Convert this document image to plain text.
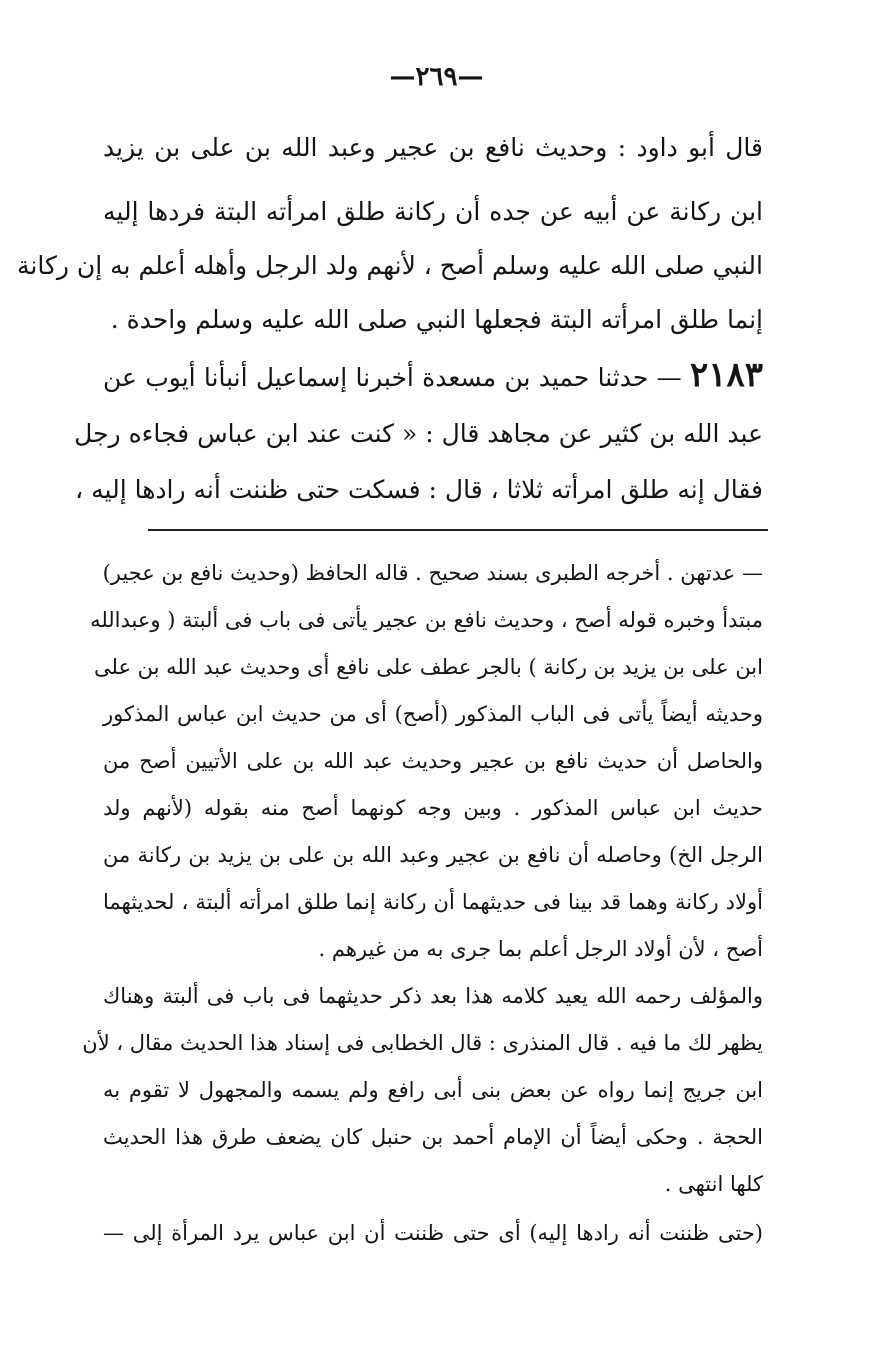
—٢٦٩—
قال أبو داود : وحديث نافع بن عجير وعبد الله بن على بن يزيد
ابن ركانة عن أبيه عن جده أن ركانة طلق امرأته البتة فردها إليه
النبي صلى الله عليه وسلم أصح ، لأنهم ولد الرجل وأهله أعلم به إن ركانة
إنما طلق امرأته البتة فجعلها النبي صلى الله عليه وسلم واحدة .
٢١٨٣ — حدثنا حميد بن مسعدة أخبرنا إسماعيل أنبأنا أيوب عن
عبد الله بن كثير عن مجاهد قال : « كنت عند ابن عباس فجاءه رجل
فقال إنه طلق امرأته ثلاثا ، قال : فسكت حتى ظننت أنه رادها إليه ،
— عدتهن . أخرجه الطبرى بسند صحيح . قاله الحافظ (وحديث نافع بن عجير)
مبتدأ وخبره قوله أصح ، وحديث نافع بن عجير يأتى فى باب فى ألبتة ( وعبدالله
ابن على بن يزيد بن ركانة ) بالجر عطف على نافع أى وحديث عبد الله بن على
وحديثه أيضاً يأتى فى الباب المذكور (أصح) أى من حديث ابن عباس المذكور
والحاصل أن حديث نافع بن عجير وحديث عبد الله بن على الأتيين أصح من
حديث ابن عباس المذكور . وبين وجه كونهما أصح منه بقوله (لأنهم ولد
الرجل الخ) وحاصله أن نافع بن عجير وعبد الله بن على بن يزيد بن ركانة من
أولاد ركانة وهما قد بينا فى حديثهما أن ركانة إنما طلق امرأته ألبتة ، لحديثهما
أصح ، لأن أولاد الرجل أعلم بما جرى به من غيرهم .
والمؤلف رحمه الله يعيد كلامه هذا بعد ذكر حديثهما فى باب فى ألبتة وهناك
يظهر لك ما فيه . قال المنذرى : قال الخطابى فى إسناد هذا الحديث مقال ، لأن
ابن جريج إنما رواه عن بعض بنى أبى رافع ولم يسمه والمجهول لا تقوم به
الحجة . وحكى أيضاً أن الإمام أحمد بن حنبل كان يضعف طرق هذا الحديث
كلها انتهى .
(حتى ظننت أنه رادها إليه) أى حتى ظننت أن ابن عباس يرد المرأة إلى —
